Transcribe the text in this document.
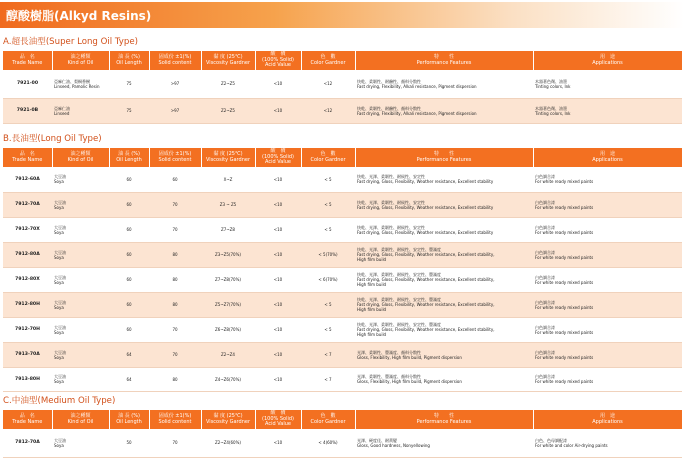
醇酸樹脂(Alkyd Resins)
A.超長油型(Super Long Oil Type)
品　名
Trade Name	油之種類
Kind of Oil	油 長 (%)
Oil Length	固成份 ±1(%)
Solid content	黏 度 (25℃)
Viscosity Gardner	酸　價
(100% Solid)
Acid Value	色　數
Color Gardner	特　　性
Performance Features	用　途
Applications

7921-00	亞麻仁油、梨桐香樹
Linseed, Pamolic Resin	75	>97	Z2~Z5	<10	<12	快乾、柔韌性、耐鹼性、顏料分散性
Fast drying, Flexibility, Alkali resistance, Pigment dispersion	木器著色劑、油墨
Tinting colors, Ink

7921-0B	亞麻仁油
Linseed	75	>97	Z2~Z5	<10	<12	快乾、柔韌性、耐鹼性、顏料分散性
Fast drying, Flexibility, Alkali resistance, Pigment dispersion	木器著色劑、油墨
Tinting colors, Ink
B.長油型(Long Oil Type)
品　名
Trade Name	油之種類
Kind of Oil	油 長 (%)
Oil Length	固成份 ±1(%)
Solid content	黏 度 (25℃)
Viscosity Gardner	酸　價
(100% Solid)
Acid Value	色　數
Color Gardner	特　　性
Performance Features	用　途
Applications

7912-60A	大豆油
Soya	60	60	X~Z	<10	< 5	快乾、光澤、柔韌性、耐候性、安定性
Fast drying, Gloss, Flexibility, Weather resistance, Excellent stability	白色調合漆
For white ready mixed paints

7912-70A	大豆油
Soya	60	70	Z3 ~ Z5	<10	< 5	快乾、光澤、柔韌性、耐候性、安定性
Fast drying, Gloss, Flexibility, Weather resistance, Excellent stability	白色調合漆
For white ready mixed paints

7912-70X	大豆油
Soya	60	70	Z7~Z8	<10	< 5	快乾、光澤、柔韌性、耐候性、安定性
Fast drying, Gloss, Flexibility, Weather resistance, Excellent stability	白色調合漆
For white ready mixed paints

7912-80A	大豆油
Soya	60	80	Z3~Z5(70%)	<10	< 5(70%)	快乾、光澤、柔韌性、耐候性、安定性、豐滿度
Fast drying, Gloss, Flexibility, Weather resistance, Excellent stability,
High film build	白色調合漆
For white ready mixed paints

7912-80X	大豆油
Soya	60	80	Z7~Z8(70%)	<10	< 6(70%)	快乾、光澤、柔韌性、耐候性、安定性、豐滿度
Fast drying, Gloss, Flexibility, Weather resistance, Excellent stability,
High film build	白色調合漆
For white ready mixed paints

7912-80H	大豆油
Soya	60	80	Z5~Z7(70%)	<10	< 5	快乾、光澤、柔韌性、耐候性、安定性、豐滿度
Fast drying, Gloss, Flexibility, Weather resistance, Excellent stability,
High film build	白色調合漆
For white ready mixed paints

7912-70H	大豆油
Soya	60	70	Z6~Z8(70%)	<10	< 5	快乾、光澤、柔韌性、耐候性、安定性、豐滿度
Fast drying, Gloss, Flexibility, Weather resistance, Excellent stability,
High film build	白色調合漆
For white ready mixed paints

7913-70A	大豆油
Soya	64	70	Z2~Z4	<10	< 7	光澤、柔韌性、豐滿度、顏料分散性
Gloss, Flexibility, High film build, Pigment dispersion	白色調合漆
For white ready mixed paints

7913-80H	大豆油
Soya	64	80	Z4~Z6(70%)	<10	< 7	光澤、柔韌性、豐滿度、顏料分散性
Gloss, Flexibility, High film build, Pigment dispersion	白色調合漆
For white ready mixed paints
C.中油型(Medium Oil Type)
品　名
Trade Name	油之種類
Kind of Oil	油 長 (%)
Oil Length	固成份 ±1(%)
Solid content	黏 度 (25℃)
Viscosity Gardner	酸　價
(100% Solid)
Acid Value	色　數
Color Gardner	特　　性
Performance Features	用　途
Applications

7812-70A	大豆油
Soya	50	70	Z2~Z4(60%)	<10	< 4(60%)	光澤、硬度佳、耐黃變
Gloss, Good hardness, Nonyellowing	白色、色母調配漆
For white and color Air-drying paints
